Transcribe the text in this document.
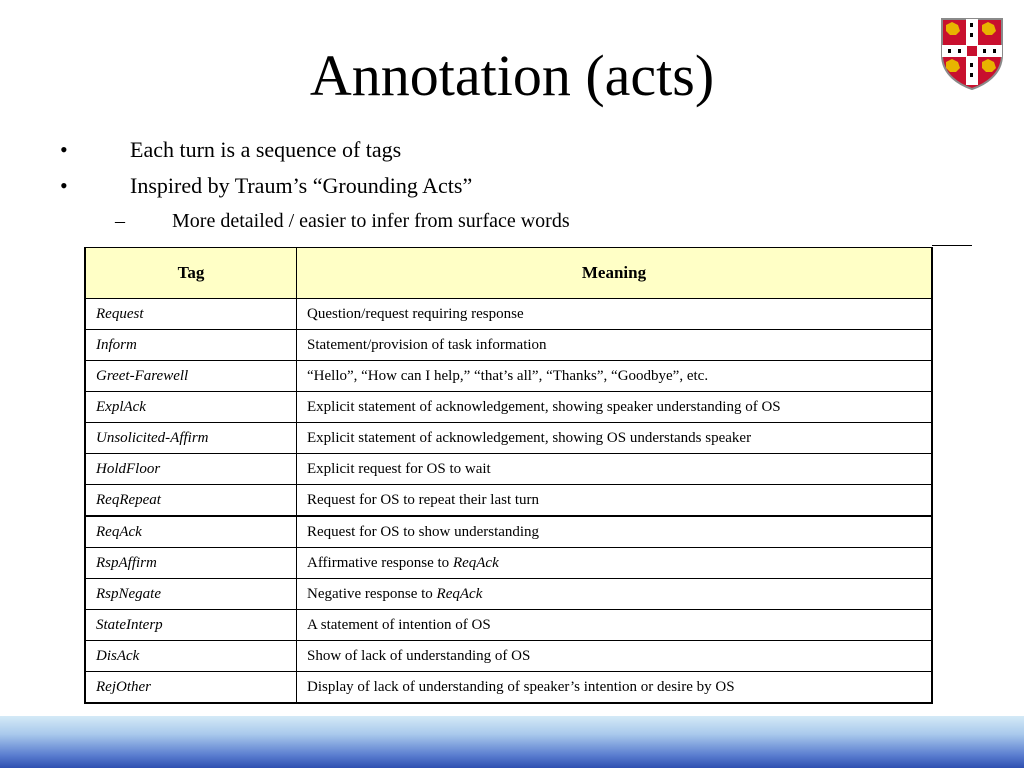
Annotation (acts)
•	Each turn is a sequence of tags
•	Inspired by Traum’s “Grounding Acts”
– More detailed / easier to infer from surface words
Tag	Meaning
Request	Question/request requiring response
Inform	Statement/provision of task information
Greet-Farewell	“Hello”, “How can I help,” “that’s all”, “Thanks”, “Goodbye”, etc.
ExplAck	Explicit statement of acknowledgement, showing speaker understanding of OS
Unsolicited-Affirm	Explicit statement of acknowledgement, showing OS understands speaker
HoldFloor	Explicit request for OS to wait
ReqRepeat	Request for OS to repeat their last turn
ReqAck	Request for OS to show understanding
RspAffirm	Affirmative response to ReqAck
RspNegate	Negative response to ReqAck
StateInterp	A statement of intention of OS
DisAck	Show of lack of understanding of OS
RejOther	Display of lack of understanding of speaker’s intention or desire by OS
